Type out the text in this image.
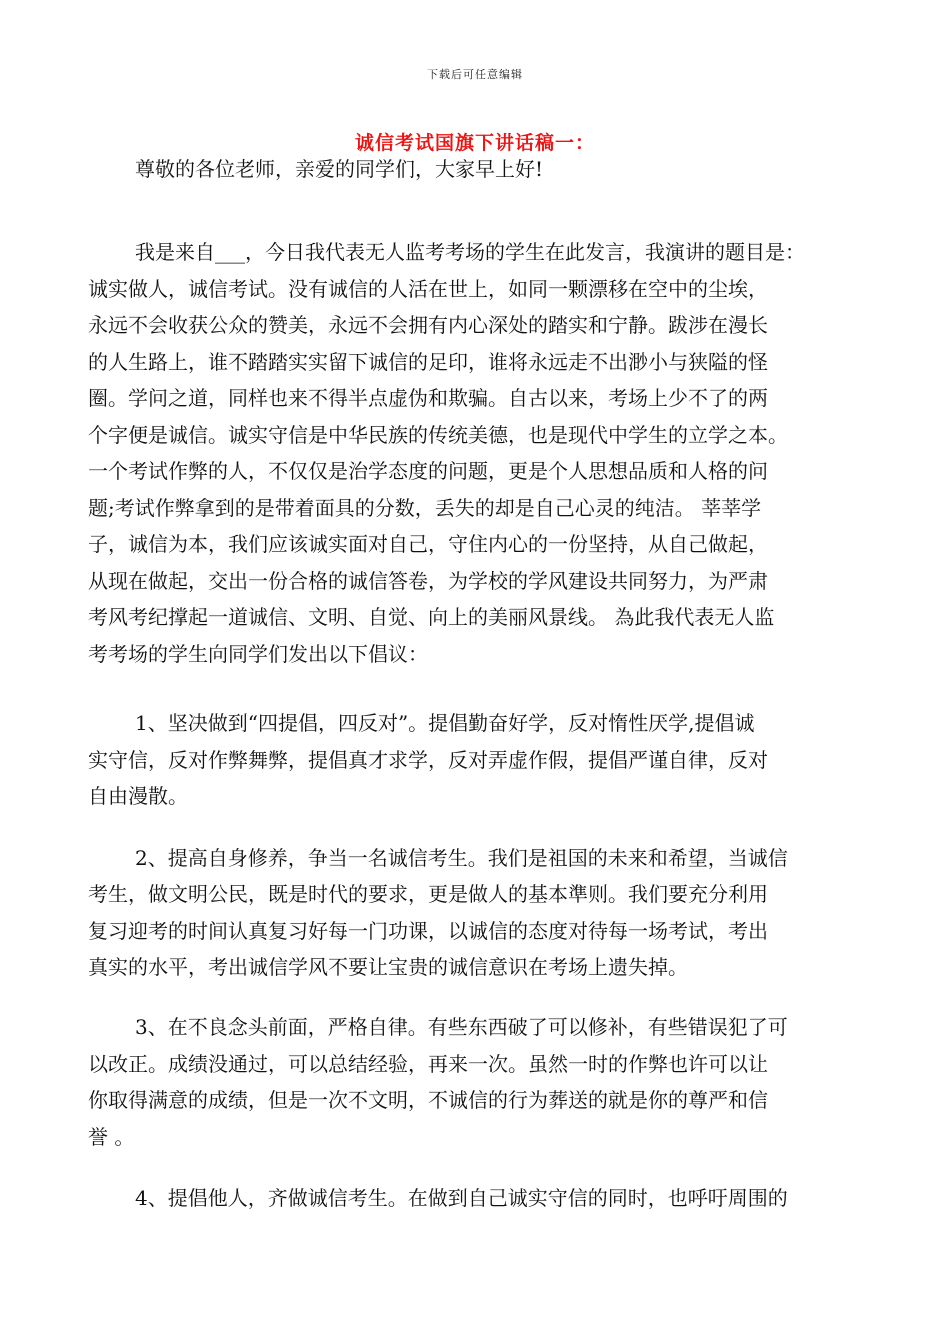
下载后可任意编辑
诚信考试国旗下讲话稿一：
尊敬的各位老师，亲爱的同学们，大家早上好!
我是来自___，今日我代表无人监考考场的学生在此发言，我演讲的题目是：
诚实做人，诚信考试。没有诚信的人活在世上，如同一颗漂移在空中的尘埃，
永远不会收获公众的赞美，永远不会拥有内心深处的踏实和宁静。跋涉在漫长
的人生路上，谁不踏踏实实留下诚信的足印，谁将永远走不出渺小与狭隘的怪
圈。学问之道，同样也来不得半点虚伪和欺骗。自古以来，考场上少不了的两
个字便是诚信。诚实守信是中华民族的传统美德，也是现代中学生的立学之本。
一个考试作弊的人，不仅仅是治学态度的问题，更是个人思想品质和人格的问
题;考试作弊拿到的是带着面具的分数，丢失的却是自己心灵的纯洁。 莘莘学
子，诚信为本，我们应该诚实面对自己，守住内心的一份坚持，从自己做起，
从现在做起，交出一份合格的诚信答卷，为学校的学风建设共同努力，为严肃
考风考纪撑起一道诚信、文明、自觉、向上的美丽风景线。 為此我代表无人监
考考场的学生向同学们发出以下倡议：
1、坚决做到“四提倡，四反对”。提倡勤奋好学，反对惰性厌学,提倡诚
实守信，反对作弊舞弊，提倡真才求学，反对弄虚作假，提倡严谨自律，反对
自由漫散。
2、提高自身修养，争当一名诚信考生。我们是祖国的未来和希望，当诚信
考生，做文明公民，既是时代的要求，更是做人的基本準则。我们要充分利用
复习迎考的时间认真复习好每一门功课，以诚信的态度对待每一场考试，考出
真实的水平，考出诚信学风不要让宝贵的诚信意识在考场上遗失掉。
3、在不良念头前面，严格自律。有些东西破了可以修补，有些错误犯了可
以改正。成绩没通过，可以总结经验，再来一次。虽然一时的作弊也许可以让
你取得满意的成绩，但是一次不文明，不诚信的行为葬送的就是你的尊严和信
誉 。
4、提倡他人，齐做诚信考生。在做到自己诚实守信的同时，也呼吁周围的
